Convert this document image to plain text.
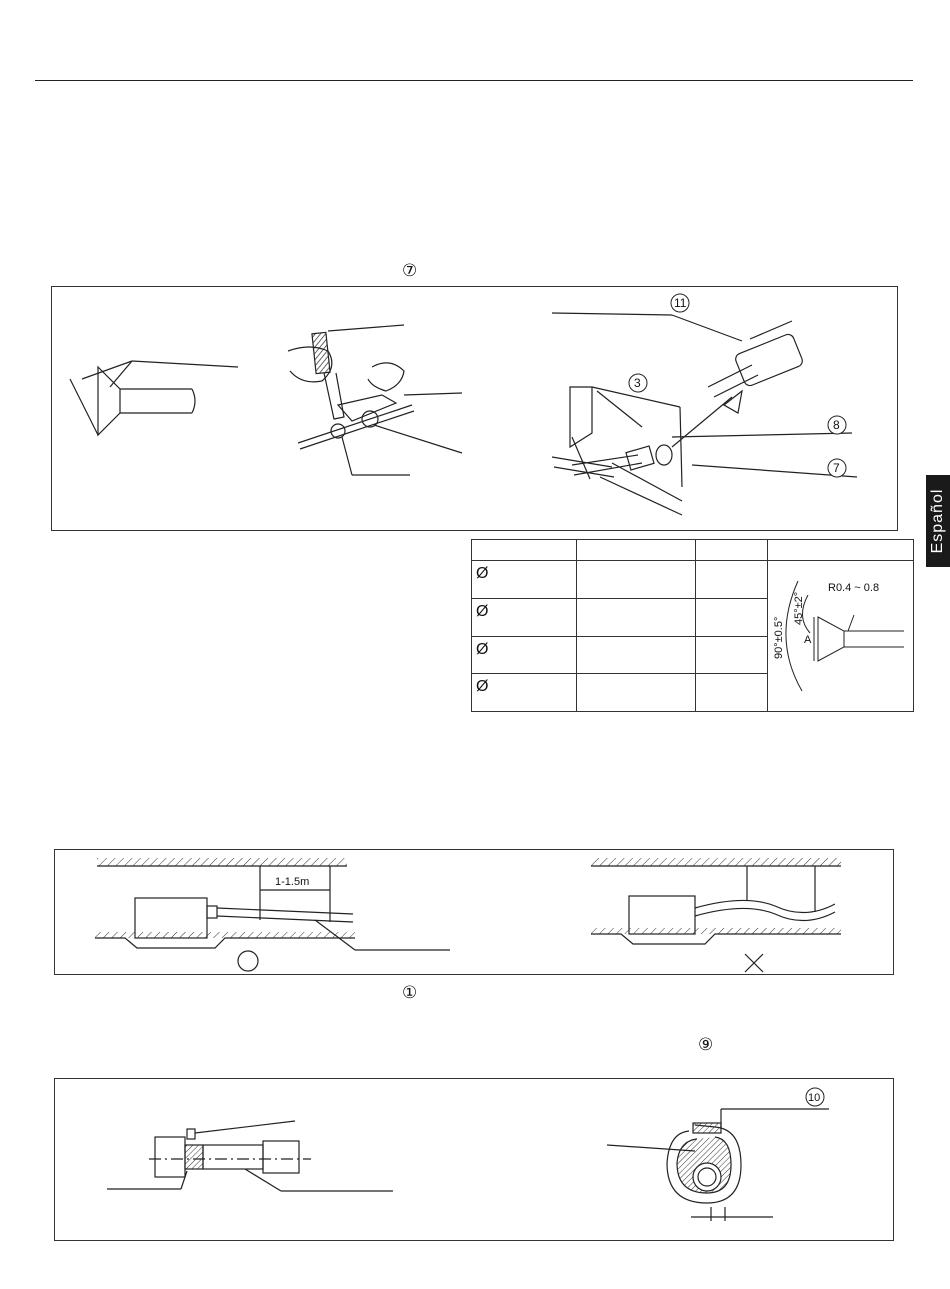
Español
⑦
11
3
8
7

Ø			R0.4 ~ 0.8
90°±0.5°
45°±2°
A

Ø			

Ø			

Ø			

1-1.5m
①
⑨
10
